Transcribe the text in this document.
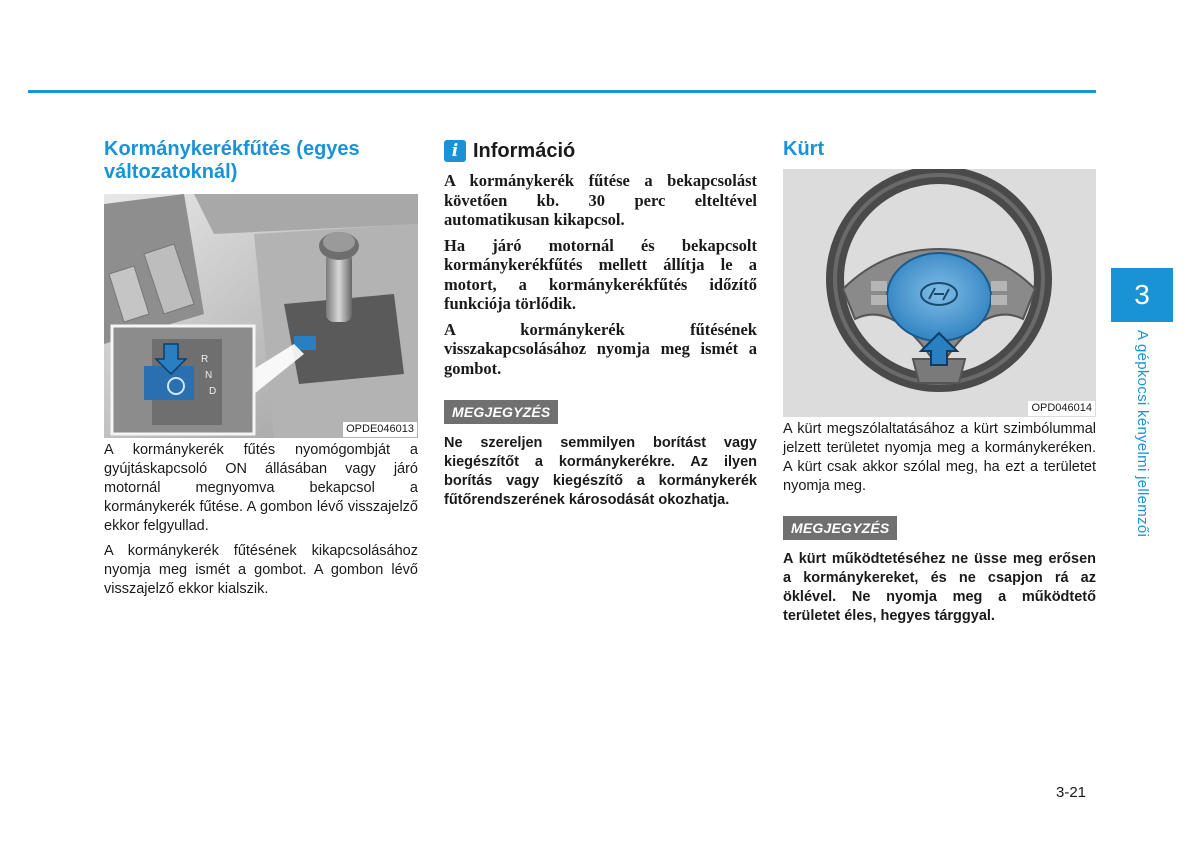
Kormánykerékfűtés (egyes változatoknál)
R
N
D
OPDE046013

A kormánykerék fűtés nyomógombját a gyújtáskapcsoló ON állásában vagy járó motornál megnyomva bekapcsol a kormánykerék fűtése. A gombon lévő visszajelző ekkor felgyullad.

A kormánykerék fűtésének kikapcsolásához nyomja meg ismét a gombot. A gombon lévő visszajelző ekkor kialszik.

i Információ

A kormánykerék fűtése a bekapcsolást követően kb. 30 perc elteltével automatikusan kikapcsol.

Ha járó motornál és bekapcsolt kormánykerékfűtés mellett állítja le a motort, a kormánykerékfűtés időzítő funkciója törlődik.

A kormánykerék fűtésének visszakapcsolásához nyomja meg ismét a gombot.

MEGJEGYZÉS

Ne szereljen semmilyen borítást vagy kiegészítőt a kormánykerékre. Az ilyen borítás vagy kiegészítő a kormánykerék fűtőrendszerének károsodását okozhatja.

Kürt
OPD046014

A kürt megszólaltatásához a kürt szimbólummal jelzett területet nyomja meg a kormánykeréken. A kürt csak akkor szólal meg, ha ezt a területet nyomja meg.

MEGJEGYZÉS

A kürt működtetéséhez ne üsse meg erősen a kormánykereket, és ne csapjon rá az öklével. Ne nyomja meg a működtető területet éles, hegyes tárggyal.

3
A gépkocsi kényelmi jellemzői
3-21
